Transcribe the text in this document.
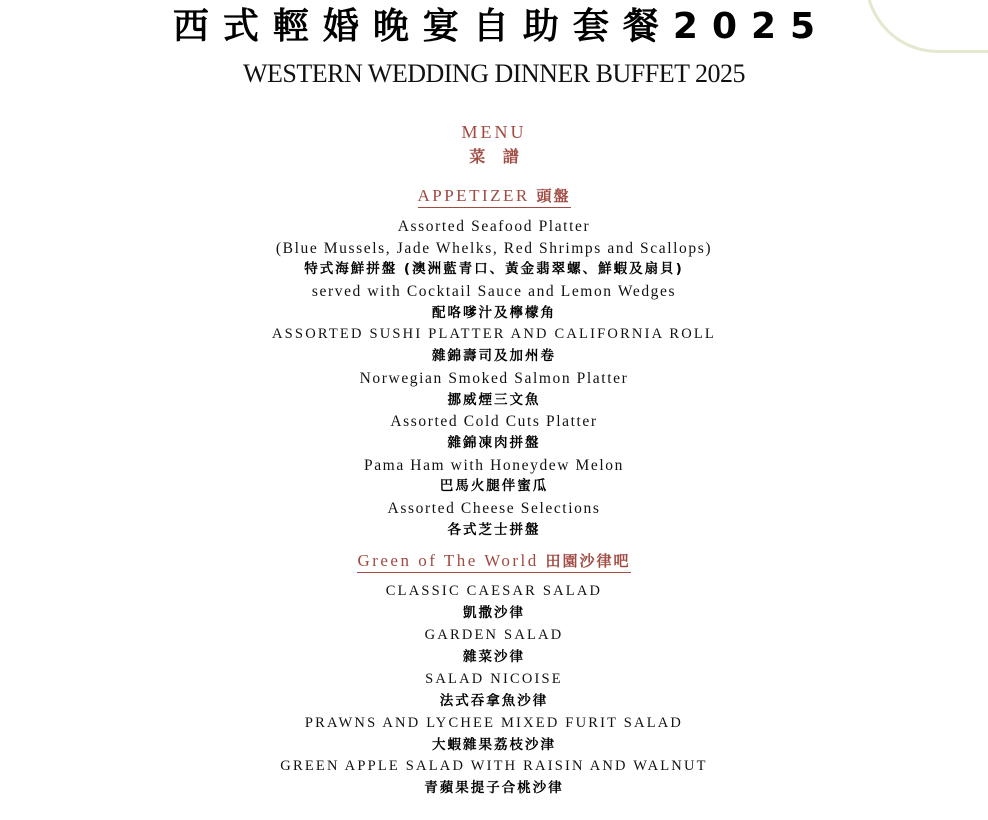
西式輕婚晚宴自助套餐2025
WESTERN WEDDING DINNER BUFFET 2025
MENU
菜 譜
APPETIZER 頭盤
Assorted Seafood Platter
(Blue Mussels, Jade Whelks, Red Shrimps and Scallops)
特式海鮮拼盤 (澳洲藍青口、黃金翡翠螺、鮮蝦及扇貝)
served with Cocktail Sauce and Lemon Wedges
配咯嗲汁及檸檬角
ASSORTED SUSHI PLATTER AND CALIFORNIA ROLL
雜錦壽司及加州卷
Norwegian Smoked Salmon Platter
挪威煙三文魚
Assorted Cold Cuts Platter
雜錦凍肉拼盤
Pama Ham with Honeydew Melon
巴馬火腿伴蜜瓜
Assorted Cheese Selections
各式芝士拼盤
Green of The World 田園沙律吧
CLASSIC CAESAR SALAD
凱撒沙律
GARDEN SALAD
雜菜沙律
SALAD NICOISE
法式吞拿魚沙律
PRAWNS AND LYCHEE MIXED FURIT SALAD
大蝦雜果荔枝沙津
GREEN APPLE SALAD WITH RAISIN AND WALNUT
青蘋果提子合桃沙律
